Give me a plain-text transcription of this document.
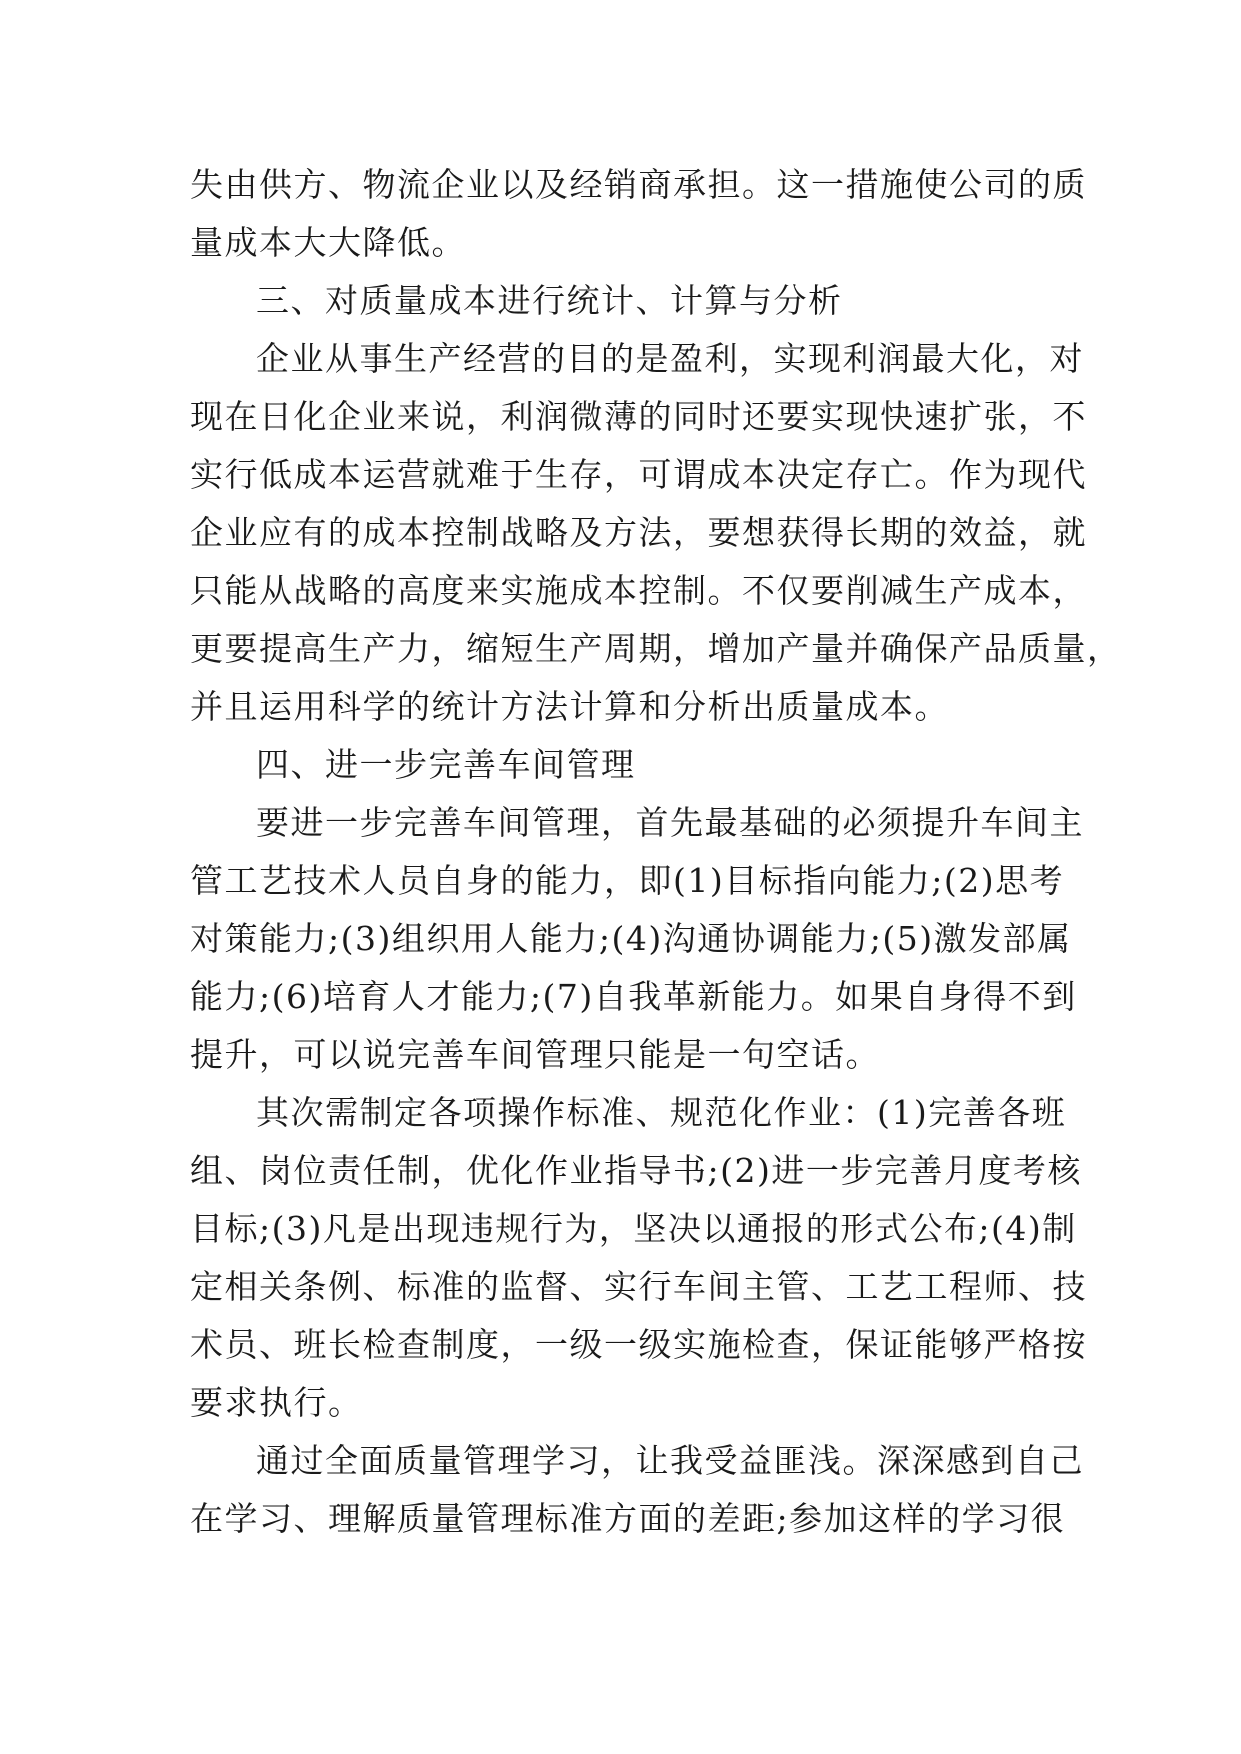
失由供方、物流企业以及经销商承担。这一措施使公司的质
量成本大大降低。
三、对质量成本进行统计、计算与分析
企业从事生产经营的目的是盈利，实现利润最大化，对
现在日化企业来说，利润微薄的同时还要实现快速扩张，不
实行低成本运营就难于生存，可谓成本决定存亡。作为现代
企业应有的成本控制战略及方法，要想获得长期的效益，就
只能从战略的高度来实施成本控制。不仅要削减生产成本，
更要提高生产力，缩短生产周期，增加产量并确保产品质量，
并且运用科学的统计方法计算和分析出质量成本。
四、进一步完善车间管理
要进一步完善车间管理，首先最基础的必须提升车间主
管工艺技术人员自身的能力，即(1)目标指向能力;(2)思考
对策能力;(3)组织用人能力;(4)沟通协调能力;(5)激发部属
能力;(6)培育人才能力;(7)自我革新能力。如果自身得不到
提升，可以说完善车间管理只能是一句空话。
其次需制定各项操作标准、规范化作业：(1)完善各班
组、岗位责任制，优化作业指导书;(2)进一步完善月度考核
目标;(3)凡是出现违规行为，坚决以通报的形式公布;(4)制
定相关条例、标准的监督、实行车间主管、工艺工程师、技
术员、班长检查制度，一级一级实施检查，保证能够严格按
要求执行。
通过全面质量管理学习，让我受益匪浅。深深感到自己
在学习、理解质量管理标准方面的差距;参加这样的学习很
